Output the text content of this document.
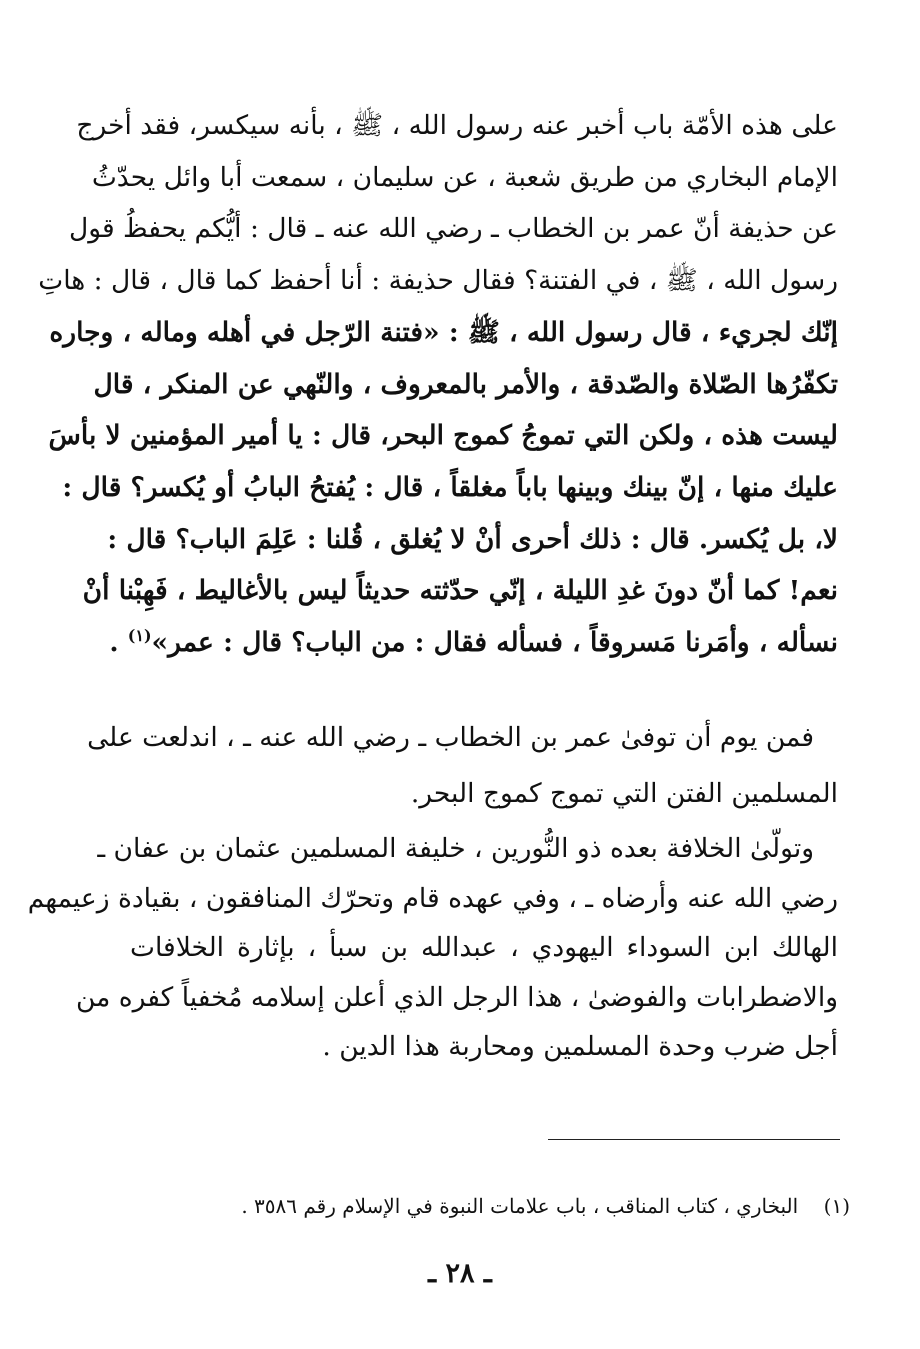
على هذه الأمّة باب أخبر عنه رسول الله ، ﷺ ، بأنه سيكسر، فقد أخرج
الإمام البخاري من طريق شعبة ، عن سليمان ، سمعت أبا وائل يحدّثُ
عن حذيفة أنّ عمر بن الخطاب ـ رضي الله عنه ـ قال : أيُّكم يحفظُ قول
رسول الله ، ﷺ ، في الفتنة؟ فقال حذيفة : أنا أحفظ كما قال ، قال : هاتِ
إنّك لجريء ، قال رسول الله ، ﷺ : «فتنة الرّجل في أهله وماله ، وجاره
تكفّرُها الصّلاة والصّدقة ، والأمر بالمعروف ، والنّهي عن المنكر ، قال
ليست هذه ، ولكن التي تموجُ كموج البحر، قال : يا أمير المؤمنين لا بأسَ
عليك منها ، إنّ بينك وبينها باباً مغلقاً ، قال : يُفتحُ البابُ أو يُكسر؟ قال :
لا، بل يُكسر. قال : ذلك أحرى أنْ لا يُغلق ، قُلنا : عَلِمَ الباب؟ قال :
نعم! كما أنّ دونَ غدِ الليلة ، إنّي حدّثته حديثاً ليس بالأغاليط ، فَهِبْنا أنْ
نسأله ، وأمَرنا مَسروقاً ، فسأله فقال : من الباب؟ قال : عمر»$^{(١)}$ .
فمن يوم أن توفىٰ عمر بن الخطاب ـ رضي الله عنه ـ ، اندلعت على
المسلمين الفتن التي تموج كموج البحر.
وتولّىٰ الخلافة بعده ذو النُّورين ، خليفة المسلمين عثمان بن عفان ـ
رضي الله عنه وأرضاه ـ ، وفي عهده قام وتحرّك المنافقون ، بقيادة زعيمهم
الهالك ابن السوداء اليهودي ، عبدالله بن سبأ ، بإثارة الخلافات
والاضطرابات والفوضىٰ ، هذا الرجل الذي أعلن إسلامه مُخفياً كفره من
أجل ضرب وحدة المسلمين ومحاربة هذا الدين .
(١)    البخاري ، كتاب المناقب ، باب علامات النبوة في الإسلام رقم ٣٥٨٦ .
ـ ٢٨ ـ
